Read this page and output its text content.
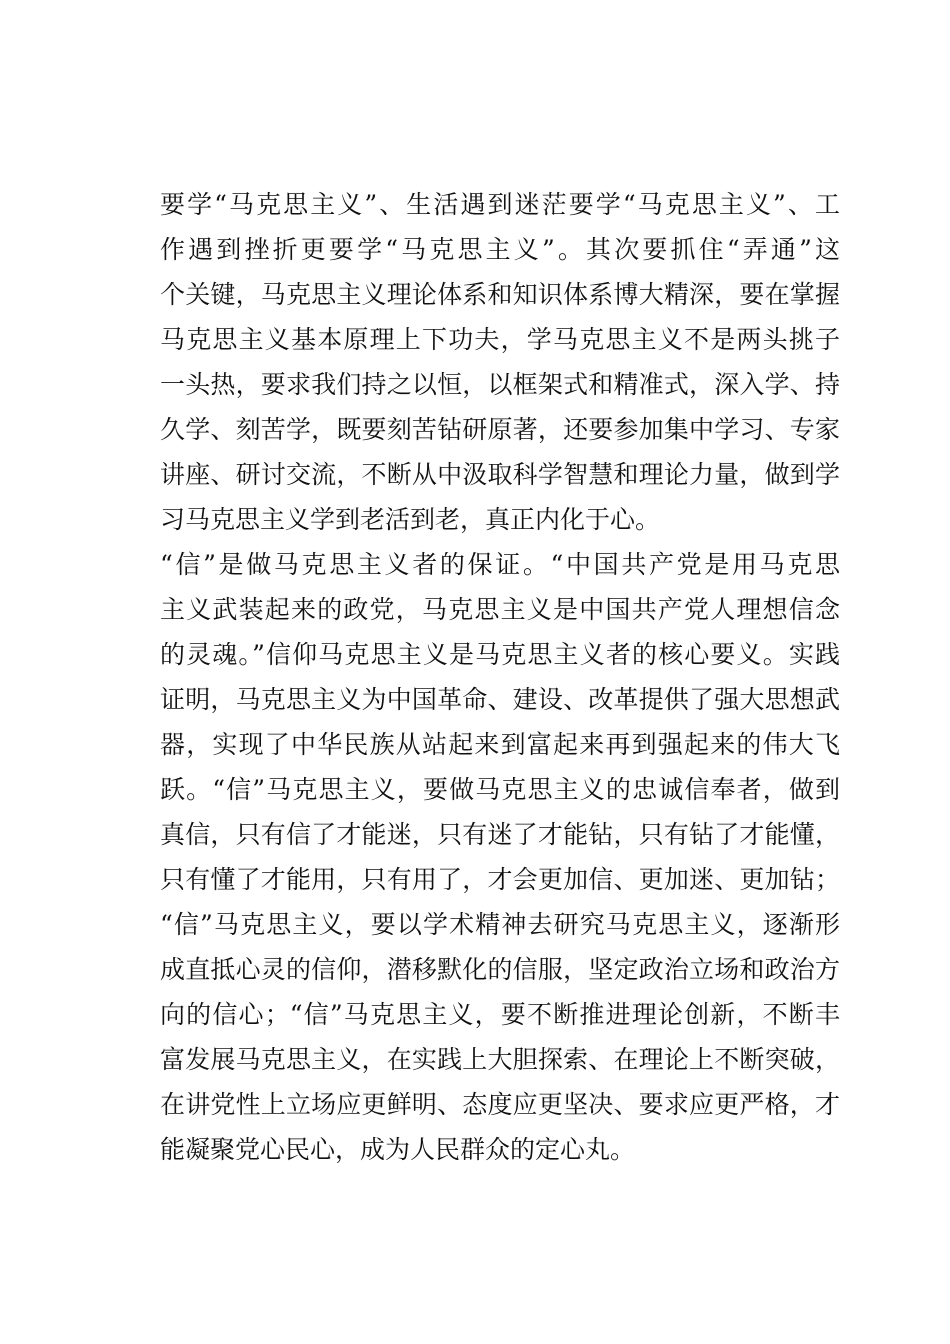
要学“马克思主义”、生活遇到迷茫要学“马克思主义”、工
作遇到挫折更要学“马克思主义”。其次要抓住“弄通”这
个关键，马克思主义理论体系和知识体系博大精深，要在掌握
马克思主义基本原理上下功夫，学马克思主义不是两头挑子
一头热，要求我们持之以恒，以框架式和精准式，深入学、持
久学、刻苦学，既要刻苦钻研原著，还要参加集中学习、专家
讲座、研讨交流，不断从中汲取科学智慧和理论力量，做到学
习马克思主义学到老活到老，真正内化于心。
“信”是做马克思主义者的保证。“中国共产党是用马克思
主义武装起来的政党，马克思主义是中国共产党人理想信念
的灵魂。”信仰马克思主义是马克思主义者的核心要义。实践
证明，马克思主义为中国革命、建设、改革提供了强大思想武
器，实现了中华民族从站起来到富起来再到强起来的伟大飞
跃。“信”马克思主义，要做马克思主义的忠诚信奉者，做到
真信，只有信了才能迷，只有迷了才能钻，只有钻了才能懂，
只有懂了才能用，只有用了，才会更加信、更加迷、更加钻；
“信”马克思主义，要以学术精神去研究马克思主义，逐渐形
成直抵心灵的信仰，潜移默化的信服，坚定政治立场和政治方
向的信心；“信”马克思主义，要不断推进理论创新，不断丰
富发展马克思主义，在实践上大胆探索、在理论上不断突破，
在讲党性上立场应更鲜明、态度应更坚决、要求应更严格，才
能凝聚党心民心，成为人民群众的定心丸。
